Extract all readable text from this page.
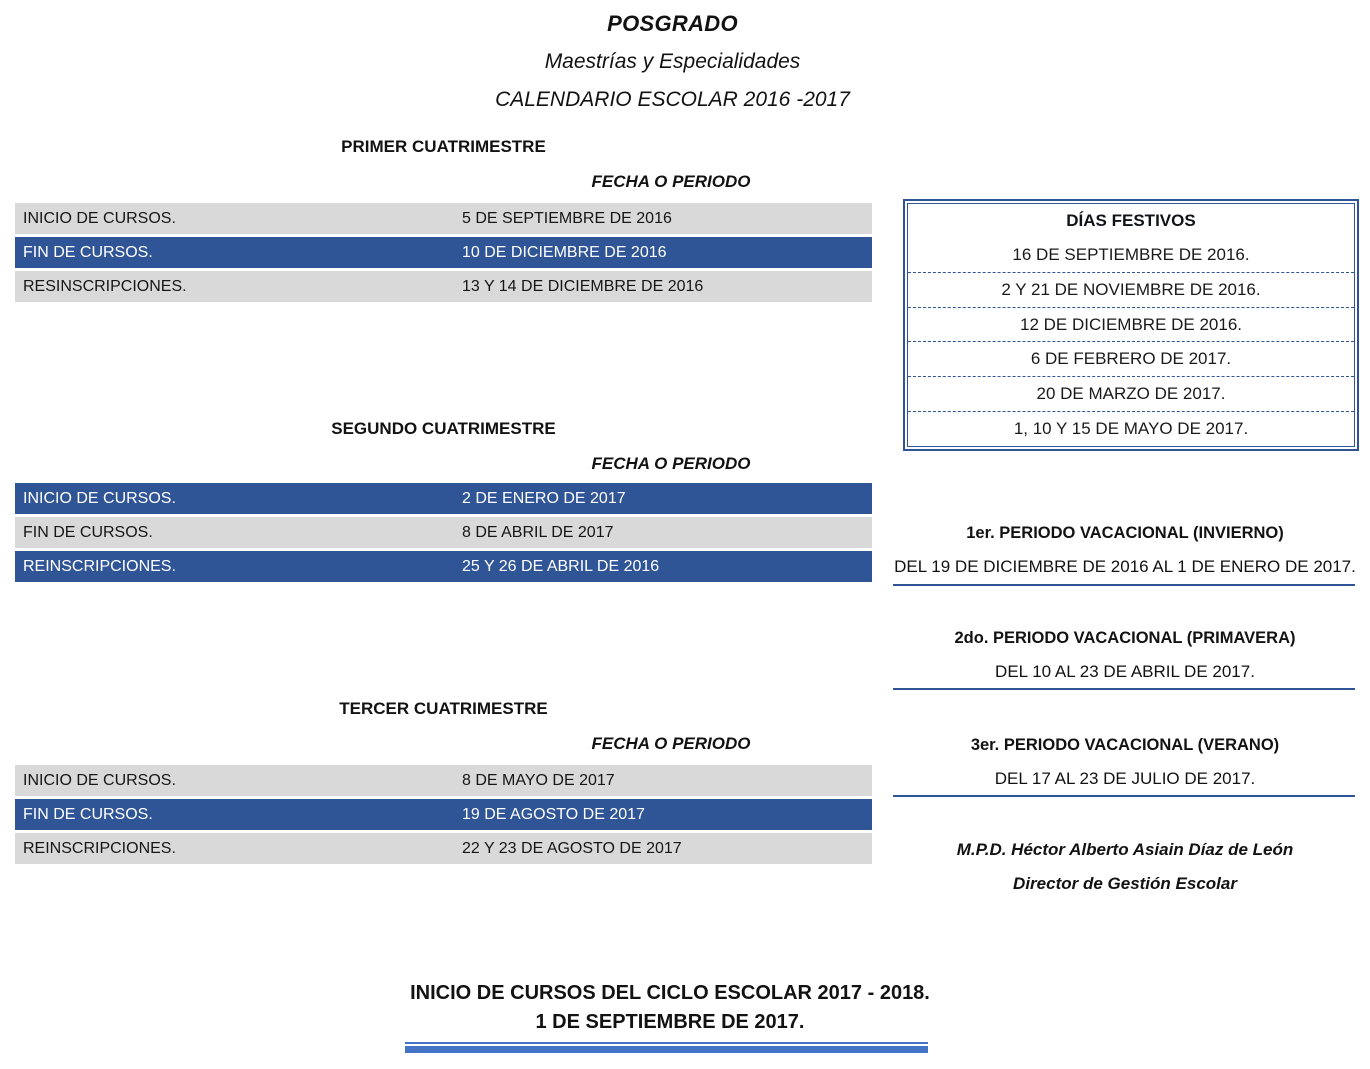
POSGRADO
Maestrías y Especialidades
CALENDARIO ESCOLAR 2016 -2017
PRIMER CUATRIMESTRE
FECHA O PERIODO
INICIO DE CURSOS.	5 DE SEPTIEMBRE DE 2016
FIN DE CURSOS.	10 DE DICIEMBRE DE 2016
RESINSCRIPCIONES.	13 Y 14 DE DICIEMBRE DE 2016
SEGUNDO CUATRIMESTRE
FECHA O PERIODO
INICIO DE CURSOS.	2 DE ENERO DE 2017
FIN DE CURSOS.	8 DE ABRIL DE 2017
REINSCRIPCIONES.	25 Y 26 DE ABRIL DE 2016
TERCER CUATRIMESTRE
FECHA O PERIODO
INICIO DE CURSOS.	8 DE MAYO DE 2017
FIN DE CURSOS.	19 DE AGOSTO DE 2017
REINSCRIPCIONES.	22 Y 23 DE AGOSTO DE 2017
DÍAS FESTIVOS
16 DE SEPTIEMBRE DE 2016.
2 Y 21 DE NOVIEMBRE DE 2016.
12 DE DICIEMBRE DE 2016.
6 DE FEBRERO DE 2017.
20 DE MARZO DE 2017.
1, 10 Y 15 DE MAYO DE 2017.
1er. PERIODO VACACIONAL (INVIERNO)
DEL 19 DE DICIEMBRE DE 2016 AL 1 DE ENERO DE 2017.
2do. PERIODO VACACIONAL (PRIMAVERA)
DEL 10 AL 23 DE ABRIL DE 2017.
3er. PERIODO VACACIONAL (VERANO)
DEL 17 AL 23 DE JULIO DE 2017.
M.P.D. Héctor Alberto Asiain Díaz de León
Director de Gestión Escolar
INICIO DE CURSOS DEL CICLO ESCOLAR 2017 - 2018.
1 DE SEPTIEMBRE DE 2017.
